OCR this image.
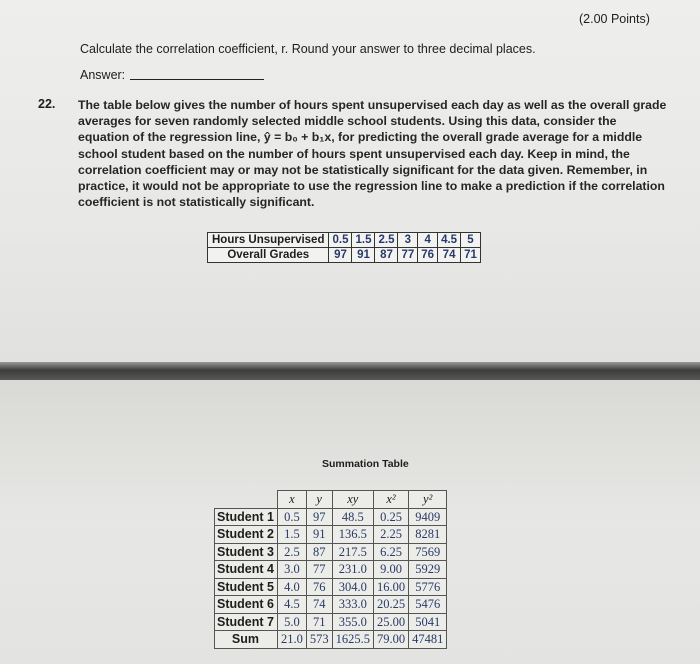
(2.00 Points)
Calculate the correlation coefficient, r. Round your answer to three decimal places.
Answer:
22. The table below gives the number of hours spent unsupervised each day as well as the overall grade averages for seven randomly selected middle school students. Using this data, consider the equation of the regression line, ŷ = b₀ + b₁x, for predicting the overall grade average for a middle school student based on the number of hours spent unsupervised each day. Keep in mind, the correlation coefficient may or may not be statistically significant for the data given. Remember, in practice, it would not be appropriate to use the regression line to make a prediction if the correlation coefficient is not statistically significant.
Hours Unsupervised	0.5	1.5	2.5	3	4	4.5	5
Overall Grades	97	91	87	77	76	74	71
Summation Table
	x	y	xy	x²	y²
Student 1	0.5	97	48.5	0.25	9409
Student 2	1.5	91	136.5	2.25	8281
Student 3	2.5	87	217.5	6.25	7569
Student 4	3.0	77	231.0	9.00	5929
Student 5	4.0	76	304.0	16.00	5776
Student 6	4.5	74	333.0	20.25	5476
Student 7	5.0	71	355.0	25.00	5041
Sum	21.0	573	1625.5	79.00	47481
